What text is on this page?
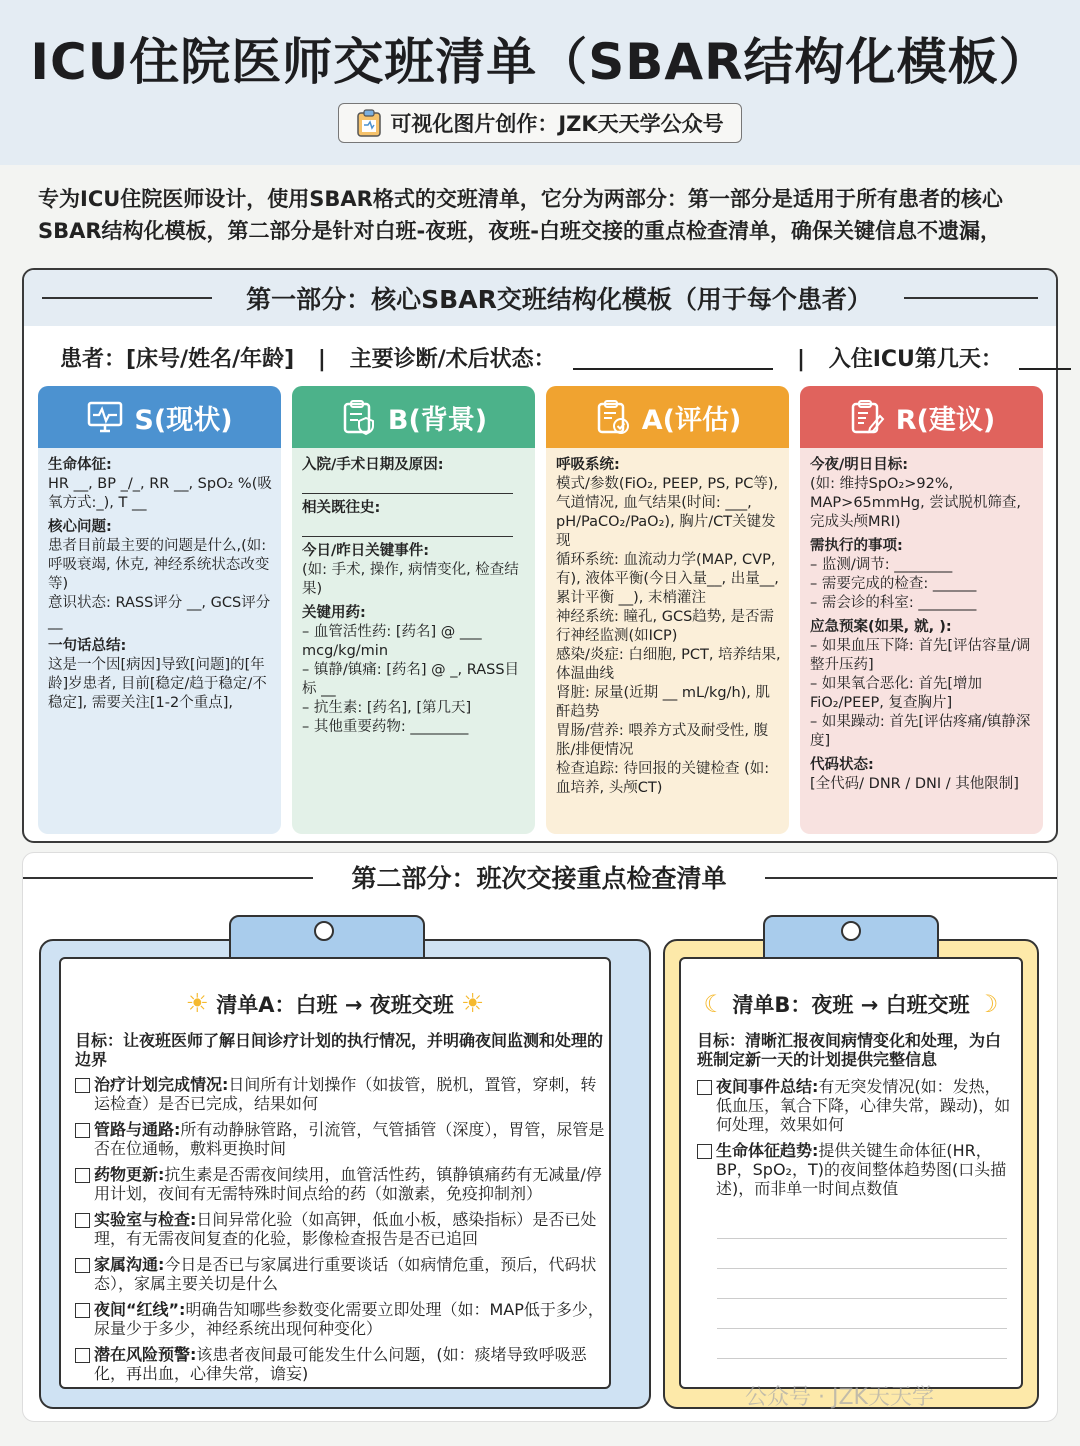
ICU住院医师交班清单（SBAR结构化模板）
可视化图片创作：JZK天天学公众号
专为ICU住院医师设计，使用SBAR格式的交班清单，它分为两部分：第一部分是适用于所有患者的核心SBAR结构化模板，第二部分是针对白班-夜班，夜班-白班交接的重点检查清单，确保关键信息不遗漏，
第一部分：核心SBAR交班结构化模板（用于每个患者）
患者：[床号/姓名/年龄] | 主要诊断/术后状态：	| 入住ICU第几天：
S(现状)
生命体征:
HR __, BP _/_, RR __, SpO₂ %(吸氧方式:_), T __
核心问题:
患者目前最主要的问题是什么,(如: 呼吸衰竭, 休克, 神经系统状态改变等)
意识状态: RASS评分 __, GCS评分 __
一句话总结:
这是一个因[病因]导致[问题]的[年龄]岁患者, 目前[稳定/趋于稳定/不稳定], 需要关注[1-2个重点],
B(背景)
入院/手术日期及原因:
相关既往史:
今日/昨日关键事件:
(如: 手术, 操作, 病情变化, 检查结果)
关键用药:
– 血管活性药: [药名] @ ___ mcg/kg/min
– 镇静/镇痛: [药名] @ _, RASS目标 __
– 抗生素: [药名], [第几天]
– 其他重要药物: ________
A(评估)
呼吸系统:
模式/参数(FiO₂, PEEP, PS, PC等), 气道情况, 血气结果(时间: ___, pH/PaCO₂/PaO₂), 胸片/CT关键发现
循环系统: 血流动力学(MAP, CVP, 有), 液体平衡(今日入量__, 出量__, 累计平衡 __), 末梢灌注
神经系统: 瞳孔, GCS趋势, 是否需行神经监测(如ICP)
感染/炎症: 白细胞, PCT, 培养结果, 体温曲线
肾脏: 尿量(近期 __ mL/kg/h), 肌酐趋势
胃肠/营养: 喂养方式及耐受性, 腹胀/排便情况
检查追踪: 待回报的关键检查 (如: 血培养, 头颅CT)
R(建议)
今夜/明日目标:
(如: 维持SpO₂>92%, MAP>65mmHg, 尝试脱机筛查, 完成头颅MRI)
需执行的事项:
– 监测/调节: ________
– 需要完成的检查: ______
– 需会诊的科室: ________
应急预案(如果, 就, ):
– 如果血压下降: 首先[评估容量/调整升压药]
– 如果氧合恶化: 首先[增加FiO₂/PEEP, 复查胸片]
– 如果躁动: 首先[评估疼痛/镇静深度]
代码状态:
[全代码/ DNR / DNI / 其他限制]
第二部分：班次交接重点检查清单
☀ 清单A：白班 → 夜班交班 ☀
目标：让夜班医师了解日间诊疗计划的执行情况，并明确夜间监测和处理的边界
治疗计划完成情况:日间所有计划操作（如拔管，脱机，置管，穿刺，转运检查）是否已完成，结果如何
管路与通路:所有动静脉管路，引流管，气管插管（深度），胃管，尿管是否在位通畅，敷料更换时间
药物更新:抗生素是否需夜间续用，血管活性药，镇静镇痛药有无减量/停用计划，夜间有无需特殊时间点给的药（如激素，免疫抑制剂）
实验室与检查:日间异常化验（如高钾，低血小板，感染指标）是否已处理，有无需夜间复查的化验，影像检查报告是否已追回
家属沟通:今日是否已与家属进行重要谈话（如病情危重，预后，代码状态），家属主要关切是什么
夜间“红线”:明确告知哪些参数变化需要立即处理（如：MAP低于多少，尿量少于多少，神经系统出现何种变化）
潜在风险预警:该患者夜间最可能发生什么问题，(如：痰堵导致呼吸恶化，再出血，心律失常，谵妄)
☾ 清单B：夜班 → 白班交班 ☽
目标：清晰汇报夜间病情变化和处理，为白班制定新一天的计划提供完整信息
夜间事件总结:有无突发情况(如：发热，低血压，氧合下降，心律失常，躁动)，如何处理，效果如何
生命体征趋势:提供关键生命体征(HR，BP，SpO₂，T)的夜间整体趋势图(口头描述)，而非单一时间点数值
公众号 · JZK天天学
